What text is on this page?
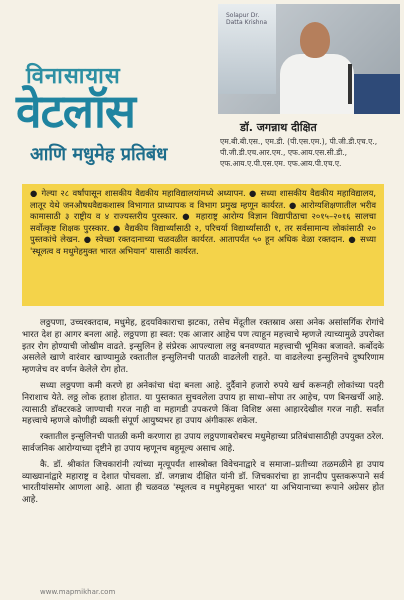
विनासायास
वेटलॉस
आणि मधुमेह प्रतिबंध
Solapur Dr.
Datta Krishna
डॉ. जगन्नाथ दीक्षित
एम.बी.बी.एस., एम.डी. (पी.एस.एम.), पी.जी.डी.एच.ए., पी.जी.डी.एच.आर.एम., एफ.आय.एस.सी.डी., एफ.आय.ए.पी.एस.एम. एफ.आय.पी.एच.ए.

● गेल्या २८ वर्षांपासून शासकीय वैद्यकीय महाविद्यालयांमध्ये अध्यापन. ● सध्या शासकीय वैद्यकीय महाविद्यालय, लातूर येथे जनऔषधवैद्यकशास्त्र विभागात प्राध्यापक व विभाग प्रमुख म्हणून कार्यरत. ● आरोग्यशिक्षणातील भरीव कामासाठी ३ राष्ट्रीय व ४ राज्यस्तरीय पुरस्कार. ● महाराष्ट्र आरोग्य विज्ञान विद्यापीठाचा २०१५–२०१६ सालचा सर्वोत्कृष्ट शिक्षक पुरस्कार. ● वैद्यकीय विद्यार्थ्यांसाठी २, परिचर्या विद्यार्थ्यांसाठी १, तर सर्वसामान्य लोकांसाठी २० पुस्तकांचे लेखन. ● स्वेच्छा रक्तदानाच्या चळवळीत कार्यरत. आतापर्यंत ५० हून अधिक वेळा रक्तदान. ● सध्या 'स्थूलत्व व मधुमेहमुक्त भारत अभियान' यासाठी कार्यरत.

लठ्ठपणा, उच्चरक्तदाब, मधुमेह, हृदयविकाराचा झटका, तसेच मेंदूतील रक्तस्राव असा अनेक असांसर्गिक रोगांचे भारत देश हा आगर बनला आहे. लठ्ठपणा हा स्वत: एक आजार आहेच पण त्याहून महत्त्वाचे म्हणजे त्याच्यामुळे उपरोक्त इतर रोग होण्याची जोखीम वाढते. इन्सुलिन हे संप्रेरक आपल्याला लठ्ठ बनवण्यात महत्त्वाची भूमिका बजावते. कर्बोदके असलेले खाणे वारंवार खाण्यामुळे रक्तातील इन्सुलिनची पातळी वाढलेली राहते. या वाढलेल्या इन्सुलिनचे दुष्परिणाम म्हणजेच वर वर्णन केलेले रोग होत.

सध्या लठ्ठपणा कमी करणे हा अनेकांचा धंदा बनला आहे. दुर्दैवाने हजारो रुपये खर्च करूनही लोकांच्या पदरी निराशाच येते. लठ्ठ लोक हताश होतात. या पुस्तकात सुचवलेला उपाय हा साधा–सोपा तर आहेच, पण बिनखर्ची आहे. त्यासाठी डॉक्टरकडे जाण्याची गरज नाही वा महागडी उपकरणे किंवा विशिष्ट असा आहारदेखील गरज नाही. सर्वांत महत्त्वाचे म्हणजे कोणीही व्यक्ती संपूर्ण आयुष्यभर हा उपाय अंगीकारू शकेल.

रक्तातील इन्सुलिनची पातळी कमी करणारा हा उपाय लठ्ठपणाबरोबरच मधुमेहाच्या प्रतिबंधासाठीही उपयुक्त ठरेल. सार्वजनिक आरोग्याच्या दृष्टीने हा उपाय म्हणूनच बहुमूल्य असाच आहे.

कै. डॉ. श्रीकांत जिचकारांनी त्यांच्या मृत्यूपर्यंत शास्त्रोक्त विवेचनाद्वारे व समाजा–प्रतीच्या तळमळीने हा उपाय व्याख्यानांद्वारे महाराष्ट्र व देशात पोचवला. डॉ. जगन्नाथ दीक्षित यांनी डॉ. जिचकारांचा हा ज्ञानदीप पुस्तकरूपाने सर्व भारतीयांसमोर आणला आहे. आता ही चळवळ 'स्थूलत्व व मधुमेहमुक्त भारत' या अभियानाच्या रूपाने अग्रेसर होत आहे.

www.mapmikhar.com
